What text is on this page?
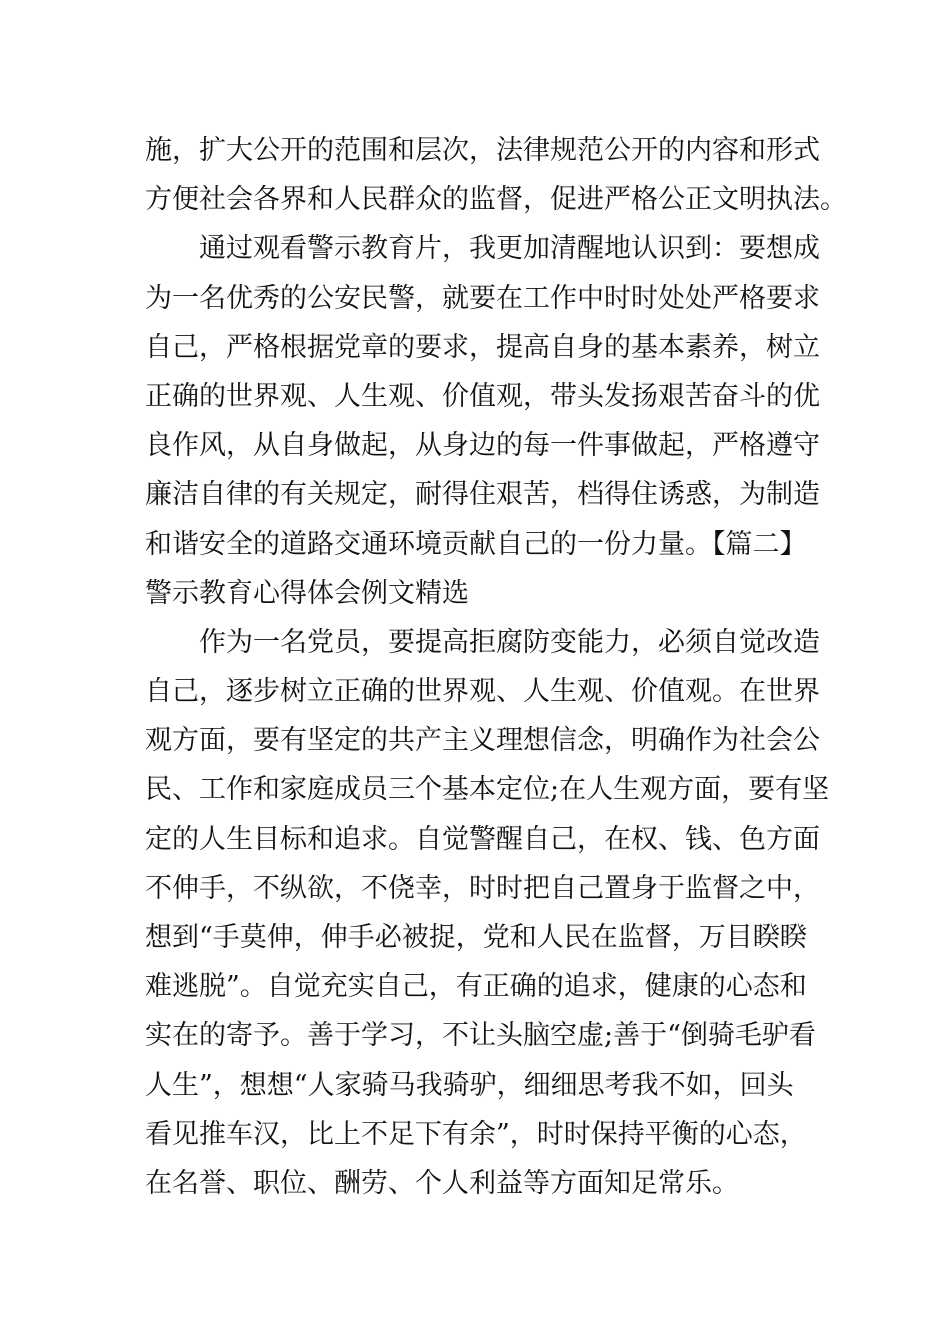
施，扩大公开的范围和层次，法律规范公开的内容和形式
方便社会各界和人民群众的监督，促进严格公正文明执法。
通过观看警示教育片，我更加清醒地认识到：要想成
为一名优秀的公安民警，就要在工作中时时处处严格要求
自己，严格根据党章的要求，提高自身的基本素养，树立
正确的世界观、人生观、价值观，带头发扬艰苦奋斗的优
良作风，从自身做起，从身边的每一件事做起，严格遵守
廉洁自律的有关规定，耐得住艰苦，档得住诱惑，为制造
和谐安全的道路交通环境贡献自己的一份力量。【篇二】
警示教育心得体会例文精选
作为一名党员，要提高拒腐防变能力，必须自觉改造
自己，逐步树立正确的世界观、人生观、价值观。在世界
观方面，要有坚定的共产主义理想信念，明确作为社会公
民、工作和家庭成员三个基本定位;在人生观方面，要有坚
定的人生目标和追求。自觉警醒自己，在权、钱、色方面
不伸手，不纵欲，不侥幸，时时把自己置身于监督之中，
想到“手莫伸，伸手必被捉，党和人民在监督，万目睽睽
难逃脱”。自觉充实自己，有正确的追求，健康的心态和
实在的寄予。善于学习，不让头脑空虚;善于“倒骑毛驴看
人生”，想想“人家骑马我骑驴，细细思考我不如，回头
看见推车汉，比上不足下有余”，时时保持平衡的心态，
在名誉、职位、酬劳、个人利益等方面知足常乐。
